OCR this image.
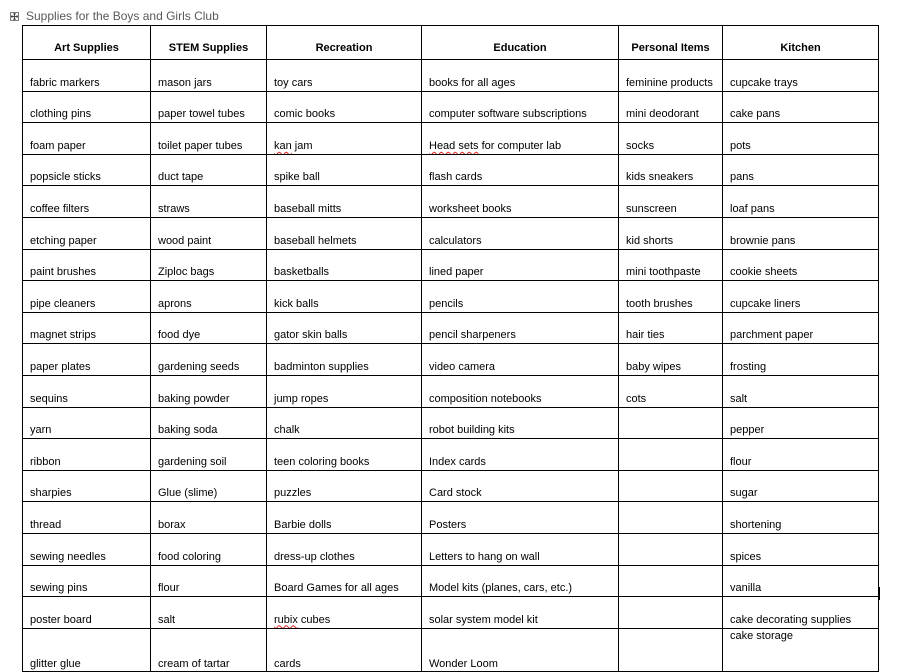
Supplies for the Boys and Girls Club
Art Supplies	STEM Supplies	Recreation	Education	Personal Items	Kitchen
fabric markers	mason jars	toy cars	books for all ages	feminine products	cupcake trays
clothing pins	paper towel tubes	comic books	computer software subscriptions	mini deodorant	cake pans
foam paper	toilet paper tubes	kan jam	Head sets for computer lab	socks	pots
popsicle sticks	duct tape	spike ball	flash cards	kids sneakers	pans
coffee filters	straws	baseball mitts	worksheet books	sunscreen	loaf pans
etching paper	wood paint	baseball helmets	calculators	kid shorts	brownie pans
paint brushes	Ziploc bags	basketballs	lined paper	mini toothpaste	cookie sheets
pipe cleaners	aprons	kick balls	pencils	tooth brushes	cupcake liners
magnet strips	food dye	gator skin balls	pencil sharpeners	hair ties	parchment paper
paper plates	gardening seeds	badminton supplies	video camera	baby wipes	frosting
sequins	baking powder	jump ropes	composition notebooks	cots	salt
yarn	baking soda	chalk	robot building kits		pepper
ribbon	gardening soil	teen coloring books	Index cards		flour
sharpies	Glue (slime)	puzzles	Card stock		sugar
thread	borax	Barbie dolls	Posters		shortening
sewing needles	food coloring	dress-up clothes	Letters to hang on wall		spices
sewing pins	flour	Board Games for all ages	Model kits (planes, cars, etc.)		vanilla
poster board	salt	rubix cubes	solar system model kit		cake decorating supplies
glitter glue	cream of tartar	cards	Wonder Loom		cake storage
